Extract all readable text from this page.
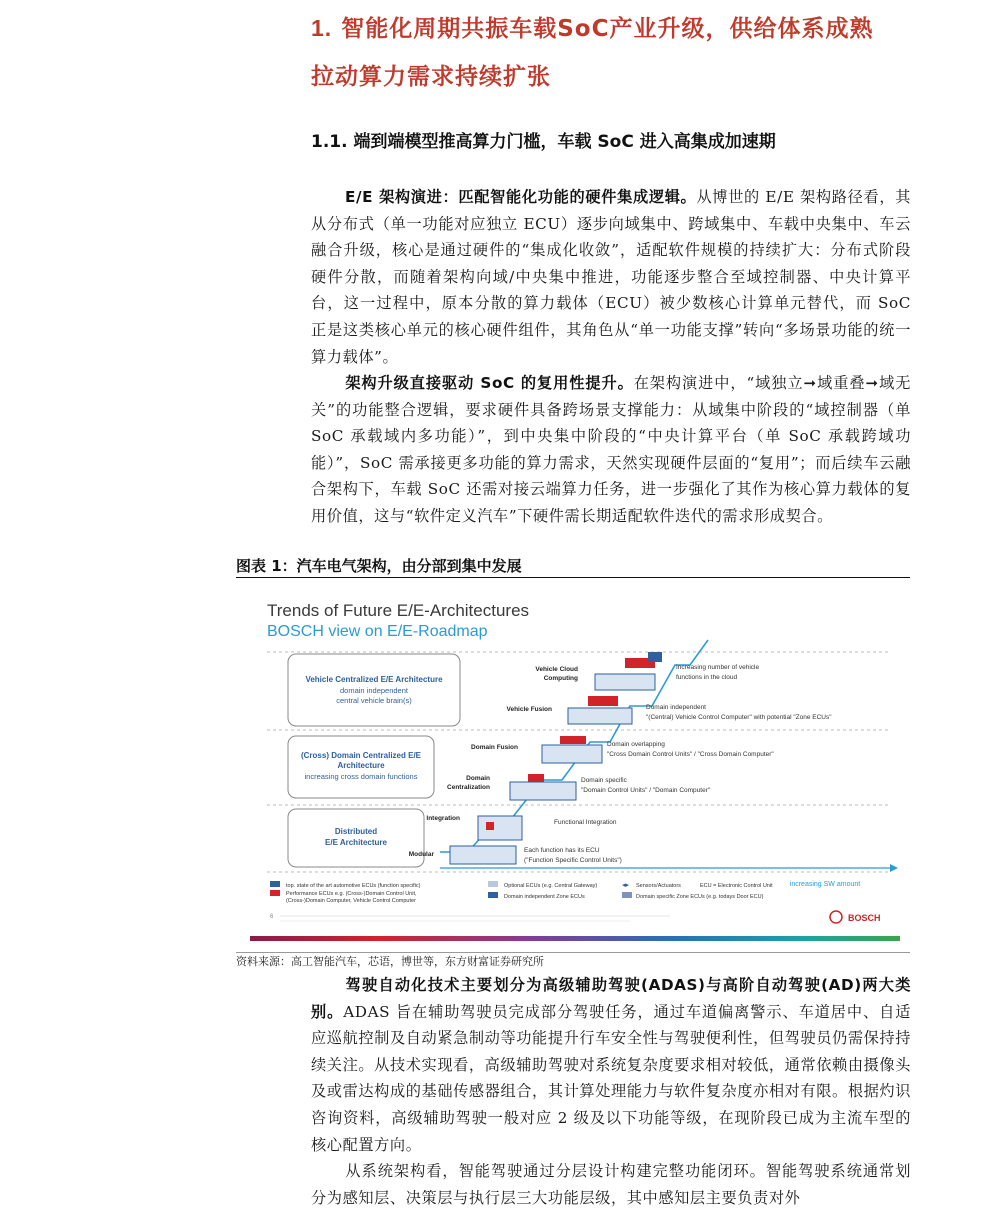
1. 智能化周期共振车载SoC产业升级，供给体系成熟
拉动算力需求持续扩张
1.1. 端到端模型推高算力门槛，车载 SoC 进入高集成加速期

E/E 架构演进：匹配智能化功能的硬件集成逻辑。从博世的 E/E 架构路径看，其从分布式（单一功能对应独立 ECU）逐步向域集中、跨域集中、车载中央集中、车云融合升级，核心是通过硬件的“集成化收敛”，适配软件规模的持续扩大：分布式阶段硬件分散，而随着架构向域/中央集中推进，功能逐步整合至域控制器、中央计算平台，这一过程中，原本分散的算力载体（ECU）被少数核心计算单元替代，而 SoC 正是这类核心单元的核心硬件组件，其角色从“单一功能支撑”转向“多场景功能的统一算力载体”。

架构升级直接驱动 SoC 的复用性提升。在架构演进中，“域独立➞域重叠➞域无关”的功能整合逻辑，要求硬件具备跨场景支撑能力：从域集中阶段的“域控制器（单 SoC 承载域内多功能）”，到中央集中阶段的“中央计算平台（单 SoC 承载跨域功能）”，SoC 需承接更多功能的算力需求，天然实现硬件层面的“复用”；而后续车云融合架构下，车载 SoC 还需对接云端算力任务，进一步强化了其作为核心算力载体的复用价值，这与“软件定义汽车”下硬件需长期适配软件迭代的需求形成契合。

图表 1：汽车电气架构，由分部到集中发展

Trends of Future E/E-Architectures
BOSCH view on E/E-Roadmap
Vehicle Centralized E/E Architecture
domain independent
central vehicle brain(s)
(Cross) Domain Centralized E/E
Architecture
increasing cross domain functions
Distributed
E/E Architecture
increasing SW amount
Vehicle Cloud
Computing
Vehicle Fusion
Domain Fusion
Domain
Centralization
Integration
Modular
Increasing number of vehicle
functions in the cloud
Domain independent
"(Central) Vehicle Control Computer" with potential "Zone ECUs"
Domain overlapping
"Cross Domain Control Units" / "Cross Domain Computer"
Domain specific
"Domain Control Units" / "Domain Computer"
Functional Integration
Each function has its ECU
("Function Specific Control Units")
top. state of the art automotive ECUs (function specific)
Performance ECUs e.g. (Cross-)Domain Control Unit,
(Cross-)Domain Computer, Vehicle Control Computer
Optional ECUs (e.g. Central Gateway)
Domain independent Zone ECUs
◂▸ Sensors/Actuators	ECU = Electronic Control Unit
Domain specific Zone ECUs (e.g. todays Door ECU)
6	BOSCH

资料来源：高工智能汽车，芯语，博世等，东方财富证券研究所

驾驶自动化技术主要划分为高级辅助驾驶(ADAS)与高阶自动驾驶(AD)两大类别。ADAS 旨在辅助驾驶员完成部分驾驶任务，通过车道偏离警示、车道居中、自适应巡航控制及自动紧急制动等功能提升行车安全性与驾驶便利性，但驾驶员仍需保持持续关注。从技术实现看，高级辅助驾驶对系统复杂度要求相对较低，通常依赖由摄像头及或雷达构成的基础传感器组合，其计算处理能力与软件复杂度亦相对有限。根据灼识咨询资料，高级辅助驾驶一般对应 2 级及以下功能等级，在现阶段已成为主流车型的核心配置方向。

从系统架构看，智能驾驶通过分层设计构建完整功能闭环。智能驾驶系统通常划分为感知层、决策层与执行层三大功能层级，其中感知层主要负责对外
